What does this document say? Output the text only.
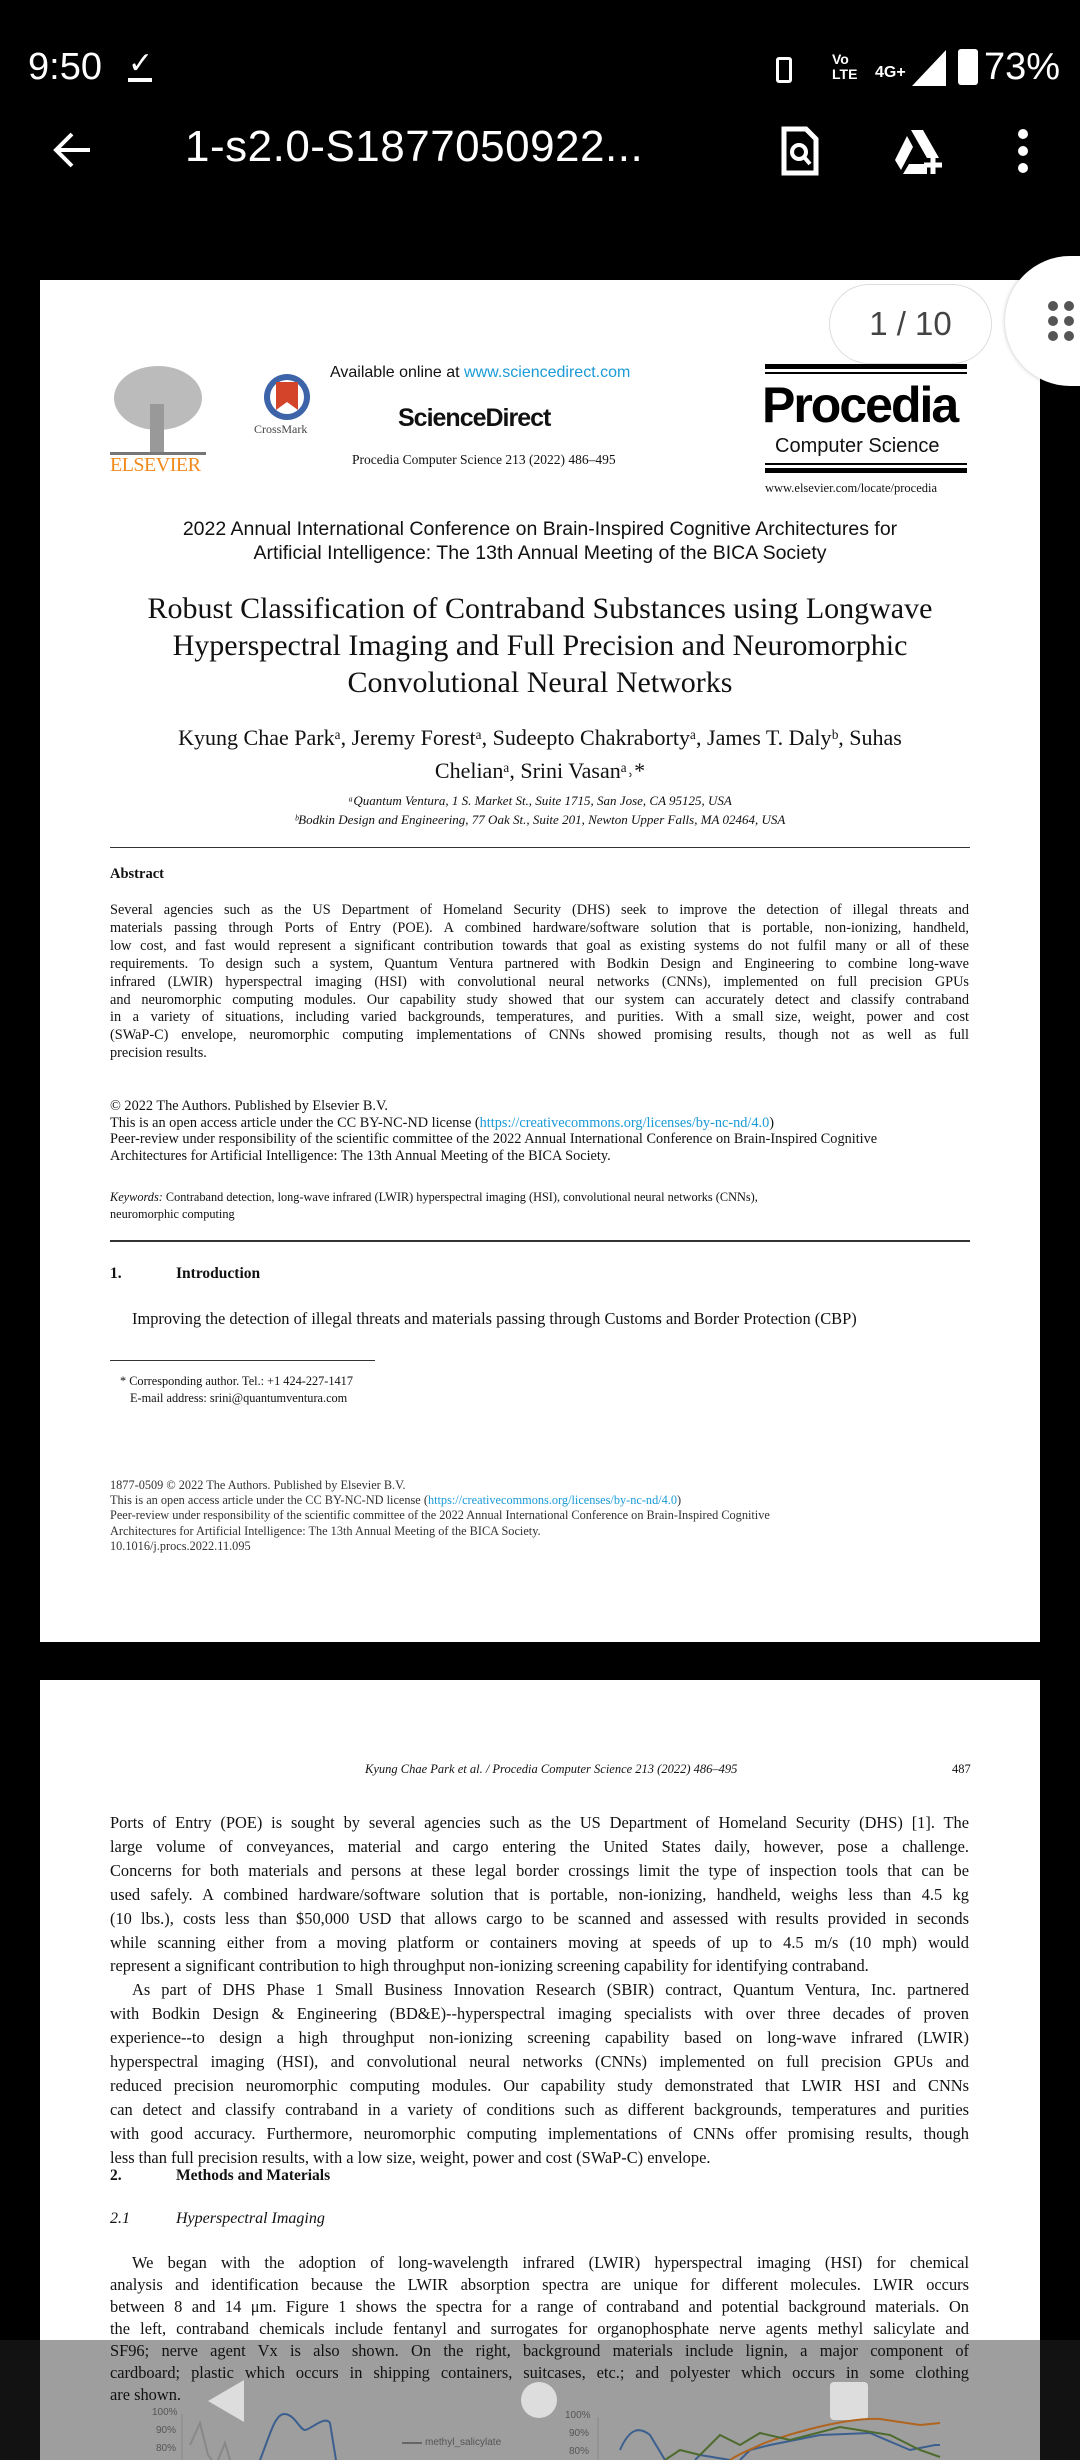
9:50 ✓	Vo LTE 4G+ 73%
1-s2.0-S1877050922...
ELSEVIER
CrossMark
Available online at www.sciencedirect.com
ScienceDirect
Procedia Computer Science 213 (2022) 486–495
Procedia
Computer Science
www.elsevier.com/locate/procedia
2022 Annual International Conference on Brain-Inspired Cognitive Architectures for
Artificial Intelligence: The 13th Annual Meeting of the BICA Society
Robust Classification of Contraband Substances using Longwave
Hyperspectral Imaging and Full Precision and Neuromorphic
Convolutional Neural Networks
Kyung Chae Parkᵃ, Jeremy Forestᵃ, Sudeepto Chakrabortyᵃ, James T. Dalyᵇ, Suhas
Chelianᵃ, Srini Vasanᵃ˒*
ᵃQuantum Ventura, 1 S. Market St., Suite 1715, San Jose, CA 95125, USA
ᵇBodkin Design and Engineering, 77 Oak St., Suite 201, Newton Upper Falls, MA 02464, USA
Abstract
Several agencies such as the US Department of Homeland Security (DHS) seek to improve the detection of illegal threats and
materials passing through Ports of Entry (POE). A combined hardware/software solution that is portable, non-ionizing, handheld,
low cost, and fast would represent a significant contribution towards that goal as existing systems do not fulfil many or all of these
requirements. To design such a system, Quantum Ventura partnered with Bodkin Design and Engineering to combine long-wave
infrared (LWIR) hyperspectral imaging (HSI) with convolutional neural networks (CNNs), implemented on full precision GPUs
and neuromorphic computing modules. Our capability study showed that our system can accurately detect and classify contraband
in a variety of situations, including varied backgrounds, temperatures, and purities. With a small size, weight, power and cost
(SWaP-C) envelope, neuromorphic computing implementations of CNNs showed promising results, though not as well as full
precision results.
© 2022 The Authors. Published by Elsevier B.V.
This is an open access article under the CC BY-NC-ND license (https://creativecommons.org/licenses/by-nc-nd/4.0)
Peer-review under responsibility of the scientific committee of the 2022 Annual International Conference on Brain-Inspired Cognitive
Architectures for Artificial Intelligence: The 13th Annual Meeting of the BICA Society.
Keywords: Contraband detection, long-wave infrared (LWIR) hyperspectral imaging (HSI), convolutional neural networks (CNNs),
neuromorphic computing
1.	Introduction
Improving the detection of illegal threats and materials passing through Customs and Border Protection (CBP)
* Corresponding author. Tel.: +1 424-227-1417
E-mail address: srini@quantumventura.com
1877-0509 © 2022 The Authors. Published by Elsevier B.V.
This is an open access article under the CC BY-NC-ND license (https://creativecommons.org/licenses/by-nc-nd/4.0)
Peer-review under responsibility of the scientific committee of the 2022 Annual International Conference on Brain-Inspired Cognitive
Architectures for Artificial Intelligence: The 13th Annual Meeting of the BICA Society.
10.1016/j.procs.2022.11.095
1 / 10
Kyung Chae Park et al. / Procedia Computer Science 213 (2022) 486–495	487
Ports of Entry (POE) is sought by several agencies such as the US Department of Homeland Security (DHS) [1]. The
large volume of conveyances, material and cargo entering the United States daily, however, pose a challenge.
Concerns for both materials and persons at these legal border crossings limit the type of inspection tools that can be
used safely. A combined hardware/software solution that is portable, non-ionizing, handheld, weighs less than 4.5 kg
(10 lbs.), costs less than $50,000 USD that allows cargo to be scanned and assessed with results provided in seconds
while scanning either from a moving platform or containers moving at speeds of up to 4.5 m/s (10 mph) would
represent a significant contribution to high throughput non-ionizing screening capability for identifying contraband.
As part of DHS Phase 1 Small Business Innovation Research (SBIR) contract, Quantum Ventura, Inc. partnered
with Bodkin Design & Engineering (BD&E)--hyperspectral imaging specialists with over three decades of proven
experience--to design a high throughput non-ionizing screening capability based on long-wave infrared (LWIR)
hyperspectral imaging (HSI), and convolutional neural networks (CNNs) implemented on full precision GPUs and
reduced precision neuromorphic computing modules. Our capability study demonstrated that LWIR HSI and CNNs
can detect and classify contraband in a variety of conditions such as different backgrounds, temperatures and purities
with good accuracy. Furthermore, neuromorphic computing implementations of CNNs offer promising results, though
less than full precision results, with a low size, weight, power and cost (SWaP-C) envelope.
2.	Methods and Materials
2.1	Hyperspectral Imaging
We began with the adoption of long-wavelength infrared (LWIR) hyperspectral imaging (HSI) for chemical
analysis and identification because the LWIR absorption spectra are unique for different molecules. LWIR occurs
between 8 and 14 μm. Figure 1 shows the spectra for a range of contraband and potential background materials. On
the left, contraband chemicals include fentanyl and surrogates for organophosphate nerve agents methyl salicylate and
SF96; nerve agent Vx is also shown. On the right, background materials include lignin, a major component of
cardboard; plastic which occurs in shipping containers, suitcases, etc.; and polyester which occurs in some clothing
are shown.
100%
90%
80%
methyl_salicylate
100%
90%
80%
